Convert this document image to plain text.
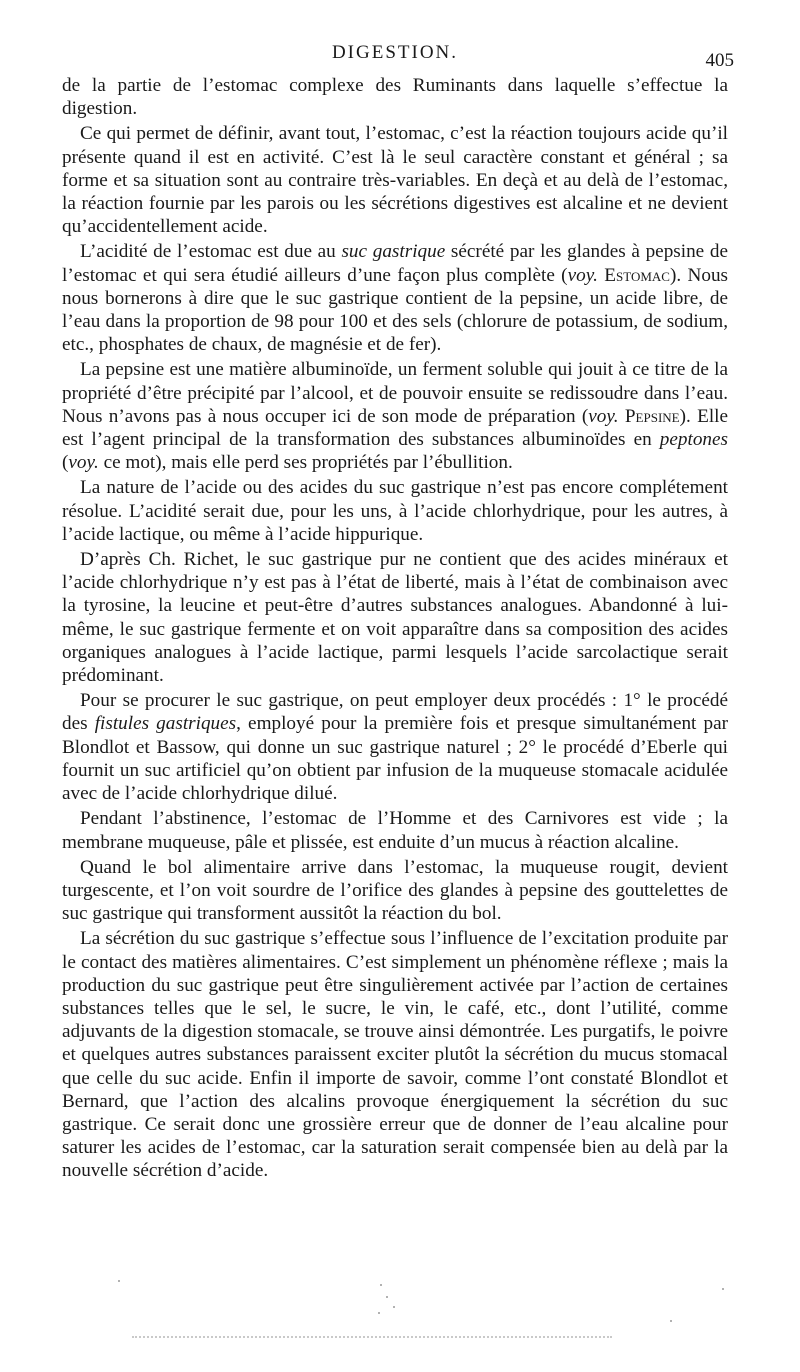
DIGESTION.	405

de la partie de l’estomac complexe des Ruminants dans laquelle s’effectue la digestion.

Ce qui permet de définir, avant tout, l’estomac, c’est la réaction toujours acide qu’il présente quand il est en activité. C’est là le seul caractère constant et général ; sa forme et sa situation sont au contraire très-variables. En deçà et au delà de l’estomac, la réaction fournie par les parois ou les sécrétions digestives est alcaline et ne devient qu’accidentellement acide.

L’acidité de l’estomac est due au suc gastrique sécrété par les glandes à pepsine de l’estomac et qui sera étudié ailleurs d’une façon plus complète (voy. Estomac). Nous nous bornerons à dire que le suc gastrique contient de la pepsine, un acide libre, de l’eau dans la proportion de 98 pour 100 et des sels (chlorure de potassium, de sodium, etc., phosphates de chaux, de magnésie et de fer).

La pepsine est une matière albuminoïde, un ferment soluble qui jouit à ce titre de la propriété d’être précipité par l’alcool, et de pouvoir ensuite se redissoudre dans l’eau. Nous n’avons pas à nous occuper ici de son mode de préparation (voy. Pepsine). Elle est l’agent principal de la transformation des substances albuminoïdes en peptones (voy. ce mot), mais elle perd ses propriétés par l’ébullition.

La nature de l’acide ou des acides du suc gastrique n’est pas encore complétement résolue. L’acidité serait due, pour les uns, à l’acide chlorhydrique, pour les autres, à l’acide lactique, ou même à l’acide hippurique.

D’après Ch. Richet, le suc gastrique pur ne contient que des acides minéraux et l’acide chlorhydrique n’y est pas à l’état de liberté, mais à l’état de combinaison avec la tyrosine, la leucine et peut-être d’autres substances analogues. Abandonné à lui-même, le suc gastrique fermente et on voit apparaître dans sa composition des acides organiques analogues à l’acide lactique, parmi lesquels l’acide sarcolactique serait prédominant.

Pour se procurer le suc gastrique, on peut employer deux procédés : 1° le procédé des fistules gastriques, employé pour la première fois et presque simultanément par Blondlot et Bassow, qui donne un suc gastrique naturel ; 2° le procédé d’Eberle qui fournit un suc artificiel qu’on obtient par infusion de la muqueuse stomacale acidulée avec de l’acide chlorhydrique dilué.

Pendant l’abstinence, l’estomac de l’Homme et des Carnivores est vide ; la membrane muqueuse, pâle et plissée, est enduite d’un mucus à réaction alcaline.

Quand le bol alimentaire arrive dans l’estomac, la muqueuse rougit, devient turgescente, et l’on voit sourdre de l’orifice des glandes à pepsine des gouttelettes de suc gastrique qui transforment aussitôt la réaction du bol.

La sécrétion du suc gastrique s’effectue sous l’influence de l’excitation produite par le contact des matières alimentaires. C’est simplement un phénomène réflexe ; mais la production du suc gastrique peut être singulièrement activée par l’action de certaines substances telles que le sel, le sucre, le vin, le café, etc., dont l’utilité, comme adjuvants de la digestion stomacale, se trouve ainsi démontrée. Les purgatifs, le poivre et quelques autres substances paraissent exciter plutôt la sécrétion du mucus stomacal que celle du suc acide. Enfin il importe de savoir, comme l’ont constaté Blondlot et Bernard, que l’action des alcalins provoque énergiquement la sécrétion du suc gastrique. Ce serait donc une grossière erreur que de donner de l’eau alcaline pour saturer les acides de l’estomac, car la saturation serait compensée bien au delà par la nouvelle sécrétion d’acide.
